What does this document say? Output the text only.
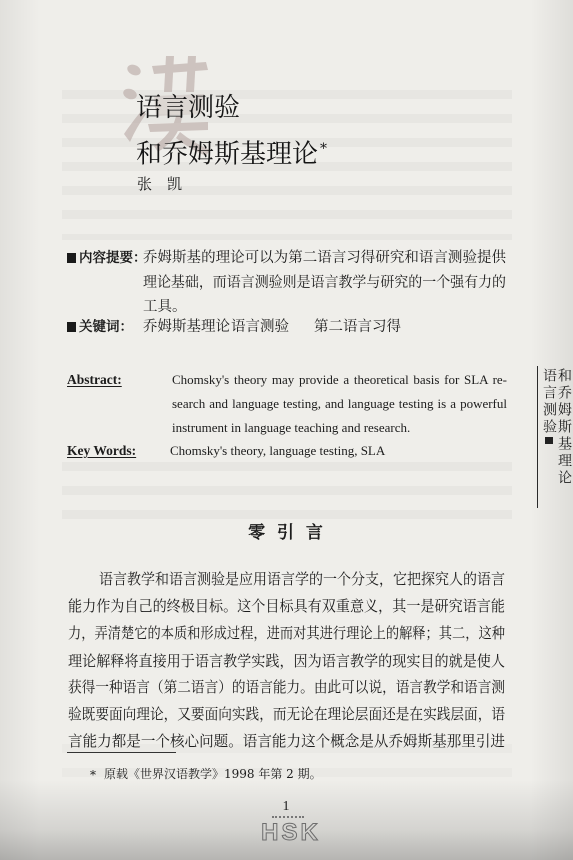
语言测验
和乔姆斯基理论 *
张　凯
内容提要：
乔姆斯基的理论可以为第二语言习得研究和语言测验提供
理论基础，而语言测验则是语言教学与研究的一个强有力的
工具。
关键词： 乔姆斯基理论 语言测验 第二语言习得
Abstract:	Chomsky's theory may provide a theoretical basis for SLA re-
search and language testing, and language testing is a powerful
instrument in language teaching and research.
Key Words:	Chomsky's theory, language testing, SLA
零 引 言
语言教学和语言测验是应用语言学的一个分支，它把探究人的语言
能力作为自己的终极目标。这个目标具有双重意义，其一是研究语言能
力，弄清楚它的本质和形成过程，进而对其进行理论上的解释；其二，这种
理论解释将直接用于语言教学实践，因为语言教学的现实目的就是使人
获得一种语言（第二语言）的语言能力。由此可以说，语言教学和语言测
验既要面向理论，又要面向实践，而无论在理论层面还是在实践层面，语
言能力都是一个核心问题。语言能力这个概念是从乔姆斯基那里引进
* 原载《世界汉语教学》1998 年第 2 期。
1
HSK
语言测验 和乔姆斯基理论
